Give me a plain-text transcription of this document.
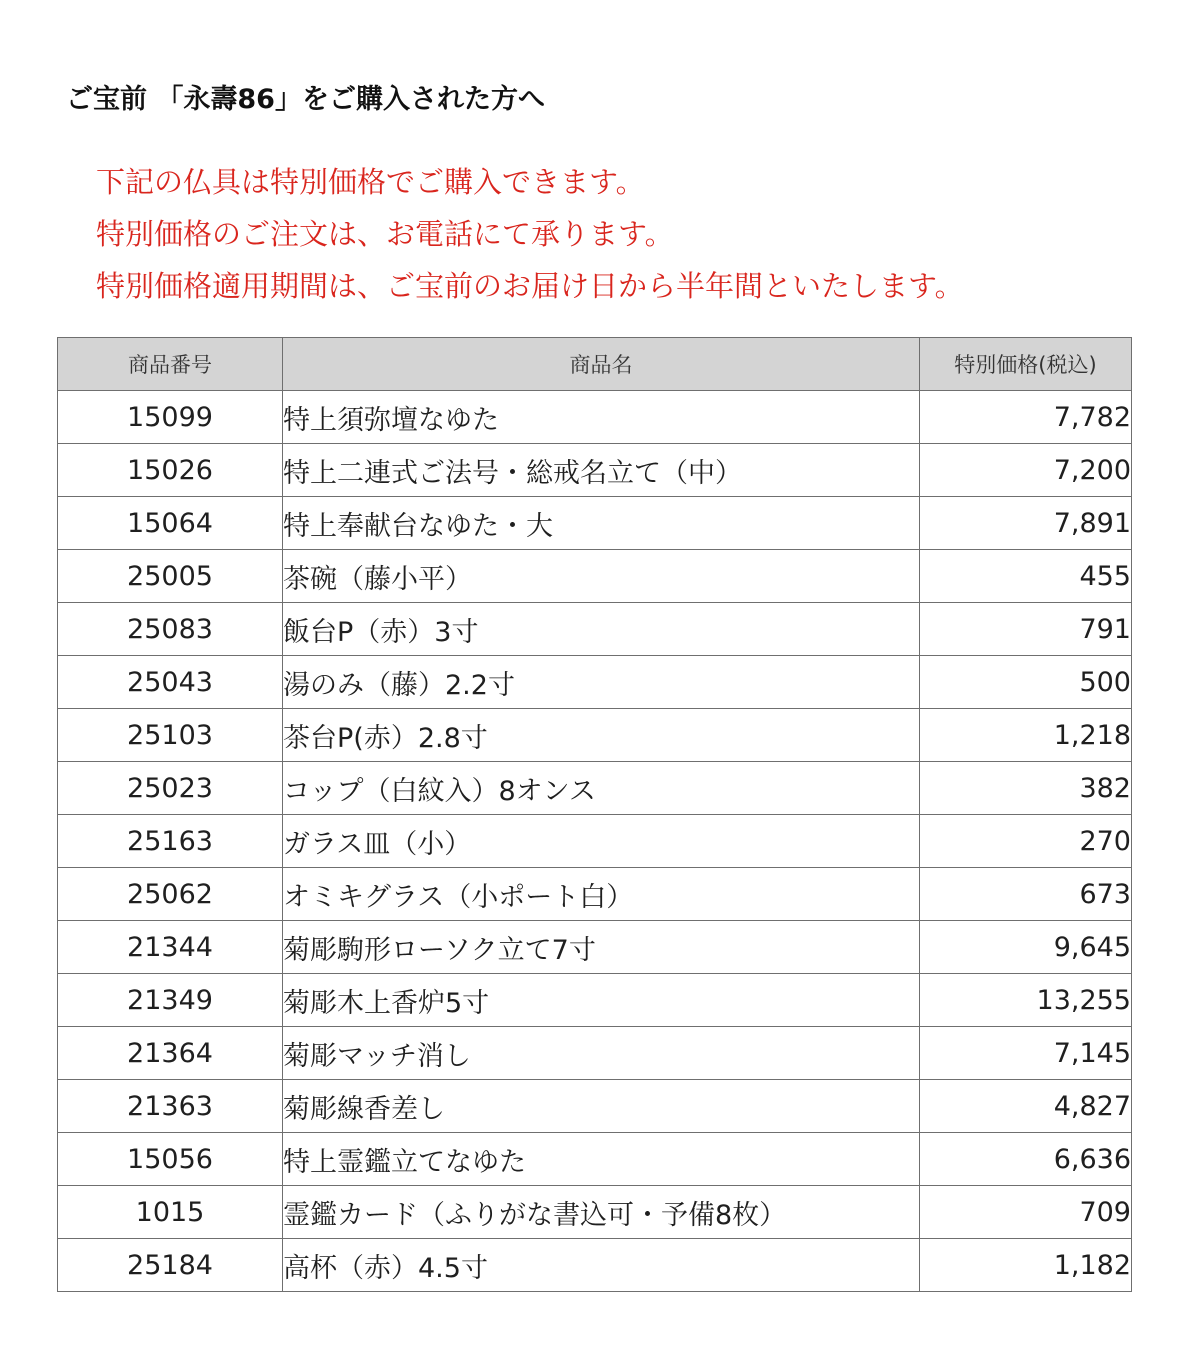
ご宝前 「永壽86」をご購入された方へ
下記の仏具は特別価格でご購入できます。
特別価格のご注文は、お電話にて承ります。
特別価格適用期間は、ご宝前のお届け日から半年間といたします。
商品番号	商品名	特別価格(税込)
15099	特上須弥壇なゆた	7,782
15026	特上二連式ご法号・総戒名立て（中）	7,200
15064	特上奉献台なゆた・大	7,891
25005	茶碗（藤小平）	455
25083	飯台P（赤）3寸	791
25043	湯のみ（藤）2.2寸	500
25103	茶台P(赤）2.8寸	1,218
25023	コップ（白紋入）8オンス	382
25163	ガラス皿（小）	270
25062	オミキグラス（小ポート白）	673
21344	菊彫駒形ローソク立て7寸	9,645
21349	菊彫木上香炉5寸	13,255
21364	菊彫マッチ消し	7,145
21363	菊彫線香差し	4,827
15056	特上霊鑑立てなゆた	6,636
1015	霊鑑カード（ふりがな書込可・予備8枚）	709
25184	高杯（赤）4.5寸	1,182
